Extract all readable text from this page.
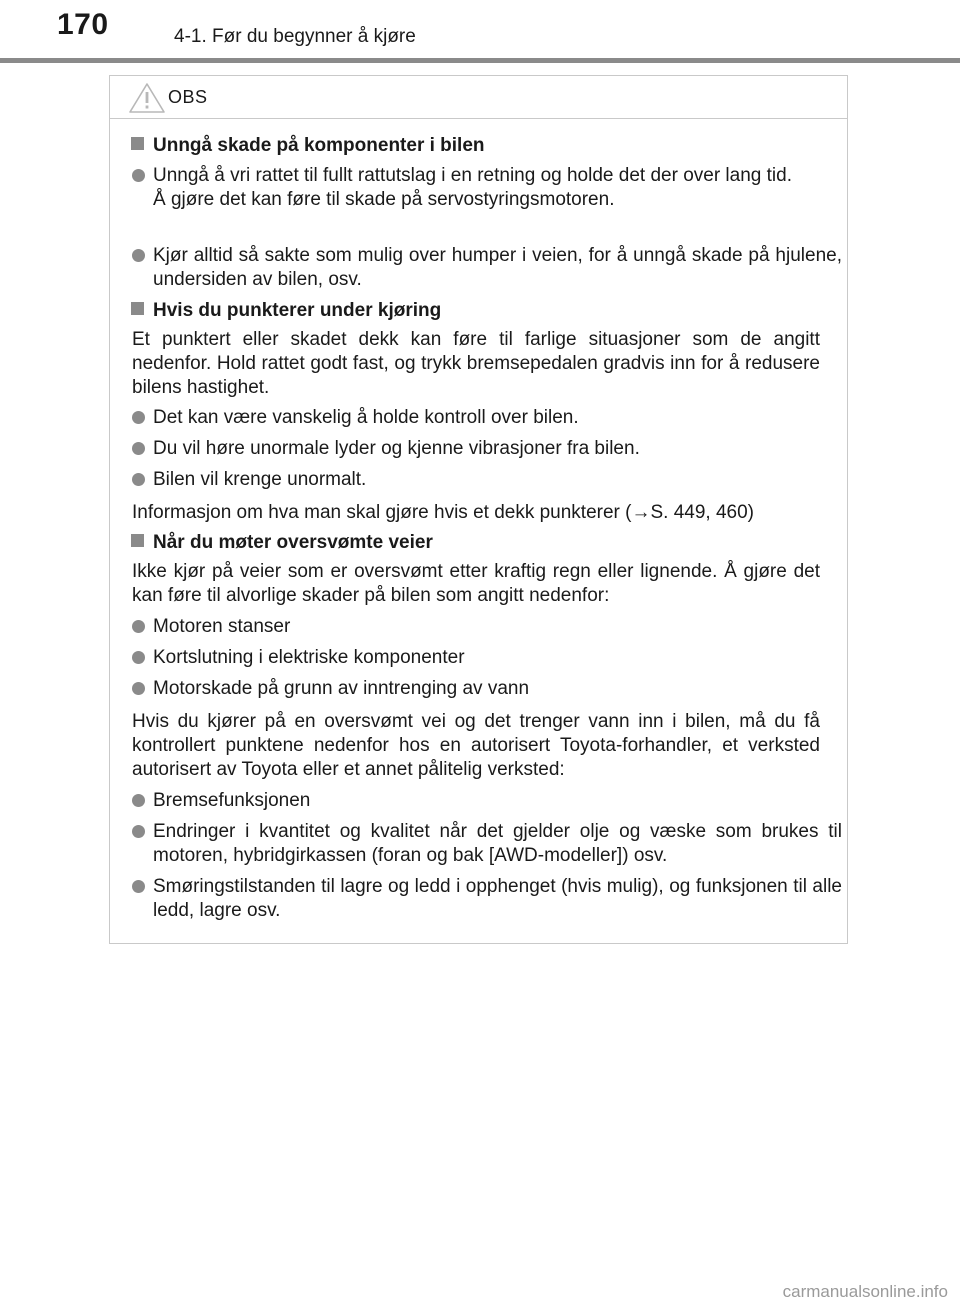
170	4-1. Før du begynner å kjøre
OBS
Unngå skade på komponenter i bilen
Unngå å vri rattet til fullt rattutslag i en retning og holde det der over lang tid.
Å gjøre det kan føre til skade på servostyringsmotoren.
Kjør alltid så sakte som mulig over humper i veien, for å unngå skade på hjulene, undersiden av bilen, osv.
Hvis du punkterer under kjøring
Et punktert eller skadet dekk kan føre til farlige situasjoner som de angitt nedenfor. Hold rattet godt fast, og trykk bremsepedalen gradvis inn for å redusere bilens hastighet.
Det kan være vanskelig å holde kontroll over bilen.
Du vil høre unormale lyder og kjenne vibrasjoner fra bilen.
Bilen vil krenge unormalt.
Informasjon om hva man skal gjøre hvis et dekk punkterer (→S. 449, 460)
Når du møter oversvømte veier
Ikke kjør på veier som er oversvømt etter kraftig regn eller lignende. Å gjøre det kan føre til alvorlige skader på bilen som angitt nedenfor:
Motoren stanser
Kortslutning i elektriske komponenter
Motorskade på grunn av inntrenging av vann
Hvis du kjører på en oversvømt vei og det trenger vann inn i bilen, må du få kontrollert punktene nedenfor hos en autorisert Toyota-forhandler, et verksted autorisert av Toyota eller et annet pålitelig verksted:
Bremsefunksjonen
Endringer i kvantitet og kvalitet når det gjelder olje og væske som brukes til motoren, hybridgirkassen (foran og bak [AWD-modeller]) osv.
Smøringstilstanden til lagre og ledd i opphenget (hvis mulig), og funksjonen til alle ledd, lagre osv.
carmanualsonline.info
